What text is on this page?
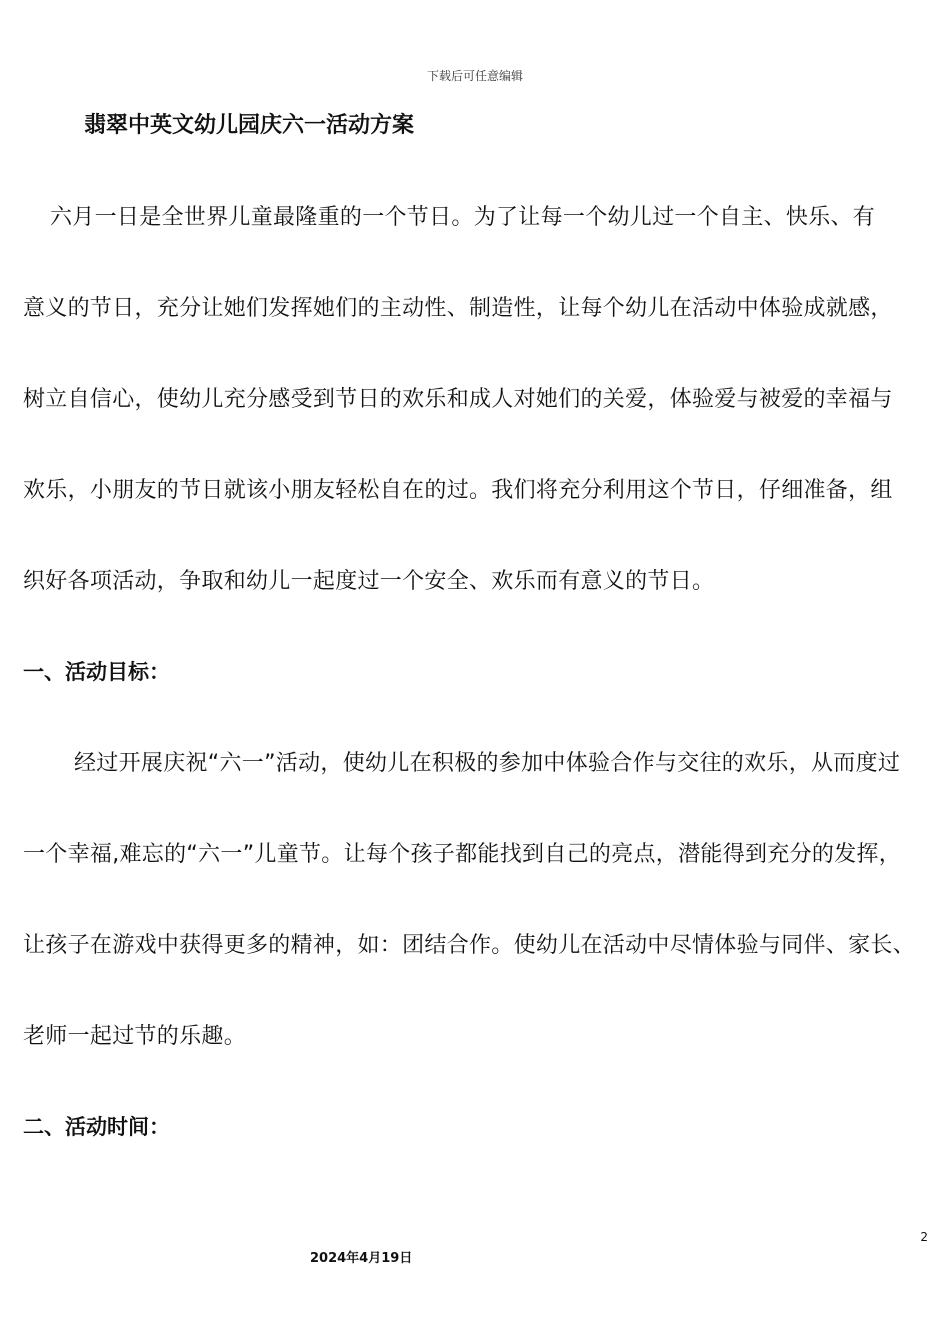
下载后可任意编辑
翡翠中英文幼儿园庆六一活动方案
六月一日是全世界儿童最隆重的一个节日。为了让每一个幼儿过一个自主、快乐、有
意义的节日，充分让她们发挥她们的主动性、制造性，让每个幼儿在活动中体验成就感，
树立自信心，使幼儿充分感受到节日的欢乐和成人对她们的关爱，体验爱与被爱的幸福与
欢乐，小朋友的节日就该小朋友轻松自在的过。我们将充分利用这个节日，仔细准备，组
织好各项活动，争取和幼儿一起度过一个安全、欢乐而有意义的节日。
一、活动目标：
经过开展庆祝“六一”活动，使幼儿在积极的参加中体验合作与交往的欢乐，从而度过
一个幸福,难忘的“六一”儿童节。让每个孩子都能找到自己的亮点，潜能得到充分的发挥，
让孩子在游戏中获得更多的精神，如：团结合作。使幼儿在活动中尽情体验与同伴、家长、
老师一起过节的乐趣。
二、活动时间：
2
2024年4月19日
